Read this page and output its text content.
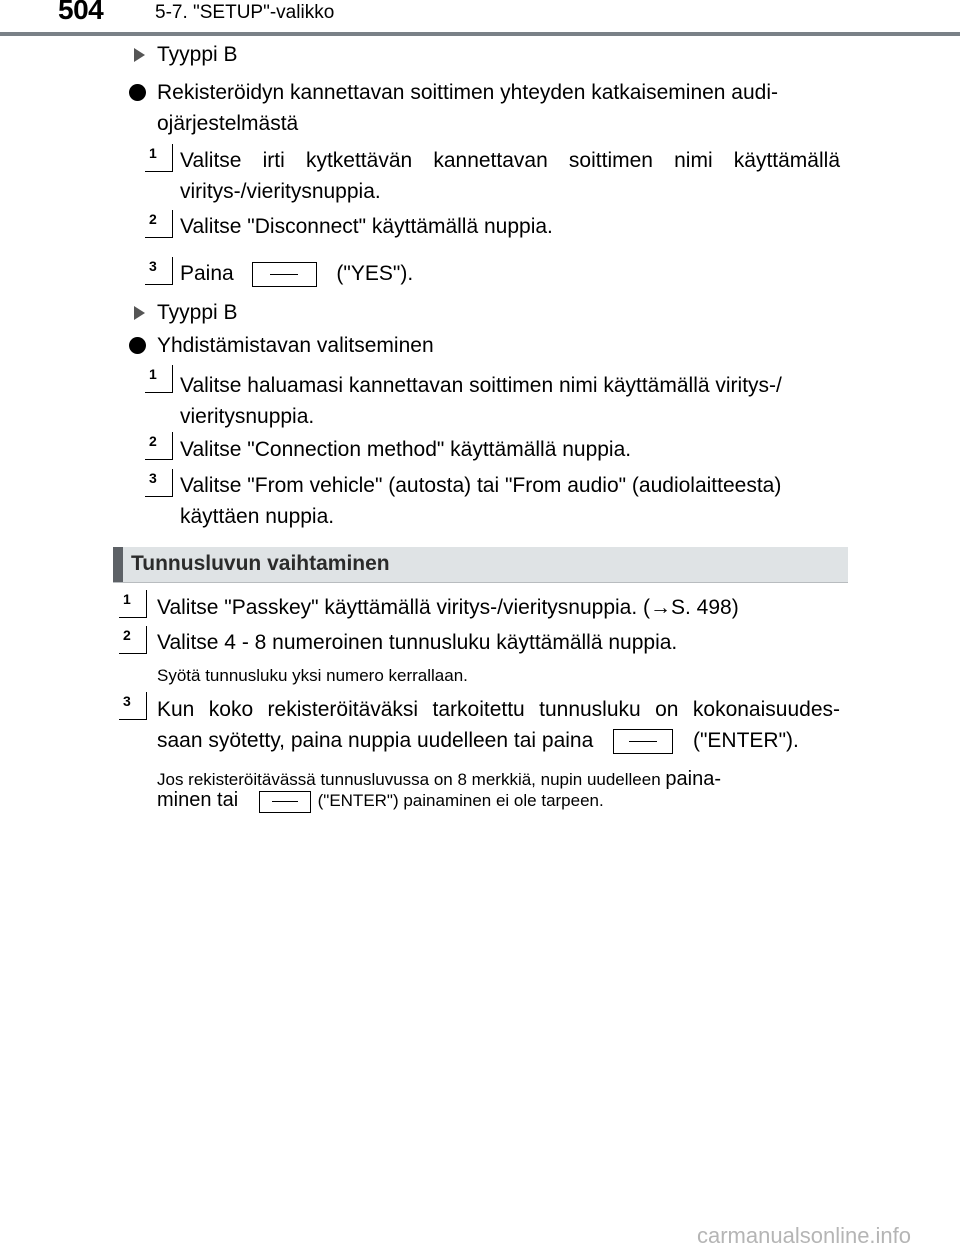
504	5-7. "SETUP"-valikko
Tyyppi B
Rekisteröidyn kannettavan soittimen yhteyden katkaiseminen audi-
ojärjestelmästä
1 Valitse irti kytkettävän kannettavan soittimen nimi käyttämällä
viritys-/vieritysnuppia.
2 Valitse "Disconnect" käyttämällä nuppia.
3 Paina	("YES").
Tyyppi B
Yhdistämistavan valitseminen
1 Valitse haluamasi kannettavan soittimen nimi käyttämällä viritys-/
vieritysnuppia.
2 Valitse "Connection method" käyttämällä nuppia.
3 Valitse "From vehicle" (autosta) tai "From audio" (audiolaitteesta)
käyttäen nuppia.
Tunnusluvun vaihtaminen
1 Valitse "Passkey" käyttämällä viritys-/vieritysnuppia. (→S. 498)
2 Valitse 4 - 8 numeroinen tunnusluku käyttämällä nuppia.
Syötä tunnusluku yksi numero kerrallaan.
3 Kun koko rekisteröitäväksi tarkoitettu tunnusluku on kokonaisuudes-
saan syötetty, paina nuppia uudelleen tai paina	("ENTER").
Jos rekisteröitävässä tunnusluvussa on 8 merkkiä, nupin uudelleen paina-
minen tai	("ENTER") painaminen ei ole tarpeen.
carmanualsonline.info
